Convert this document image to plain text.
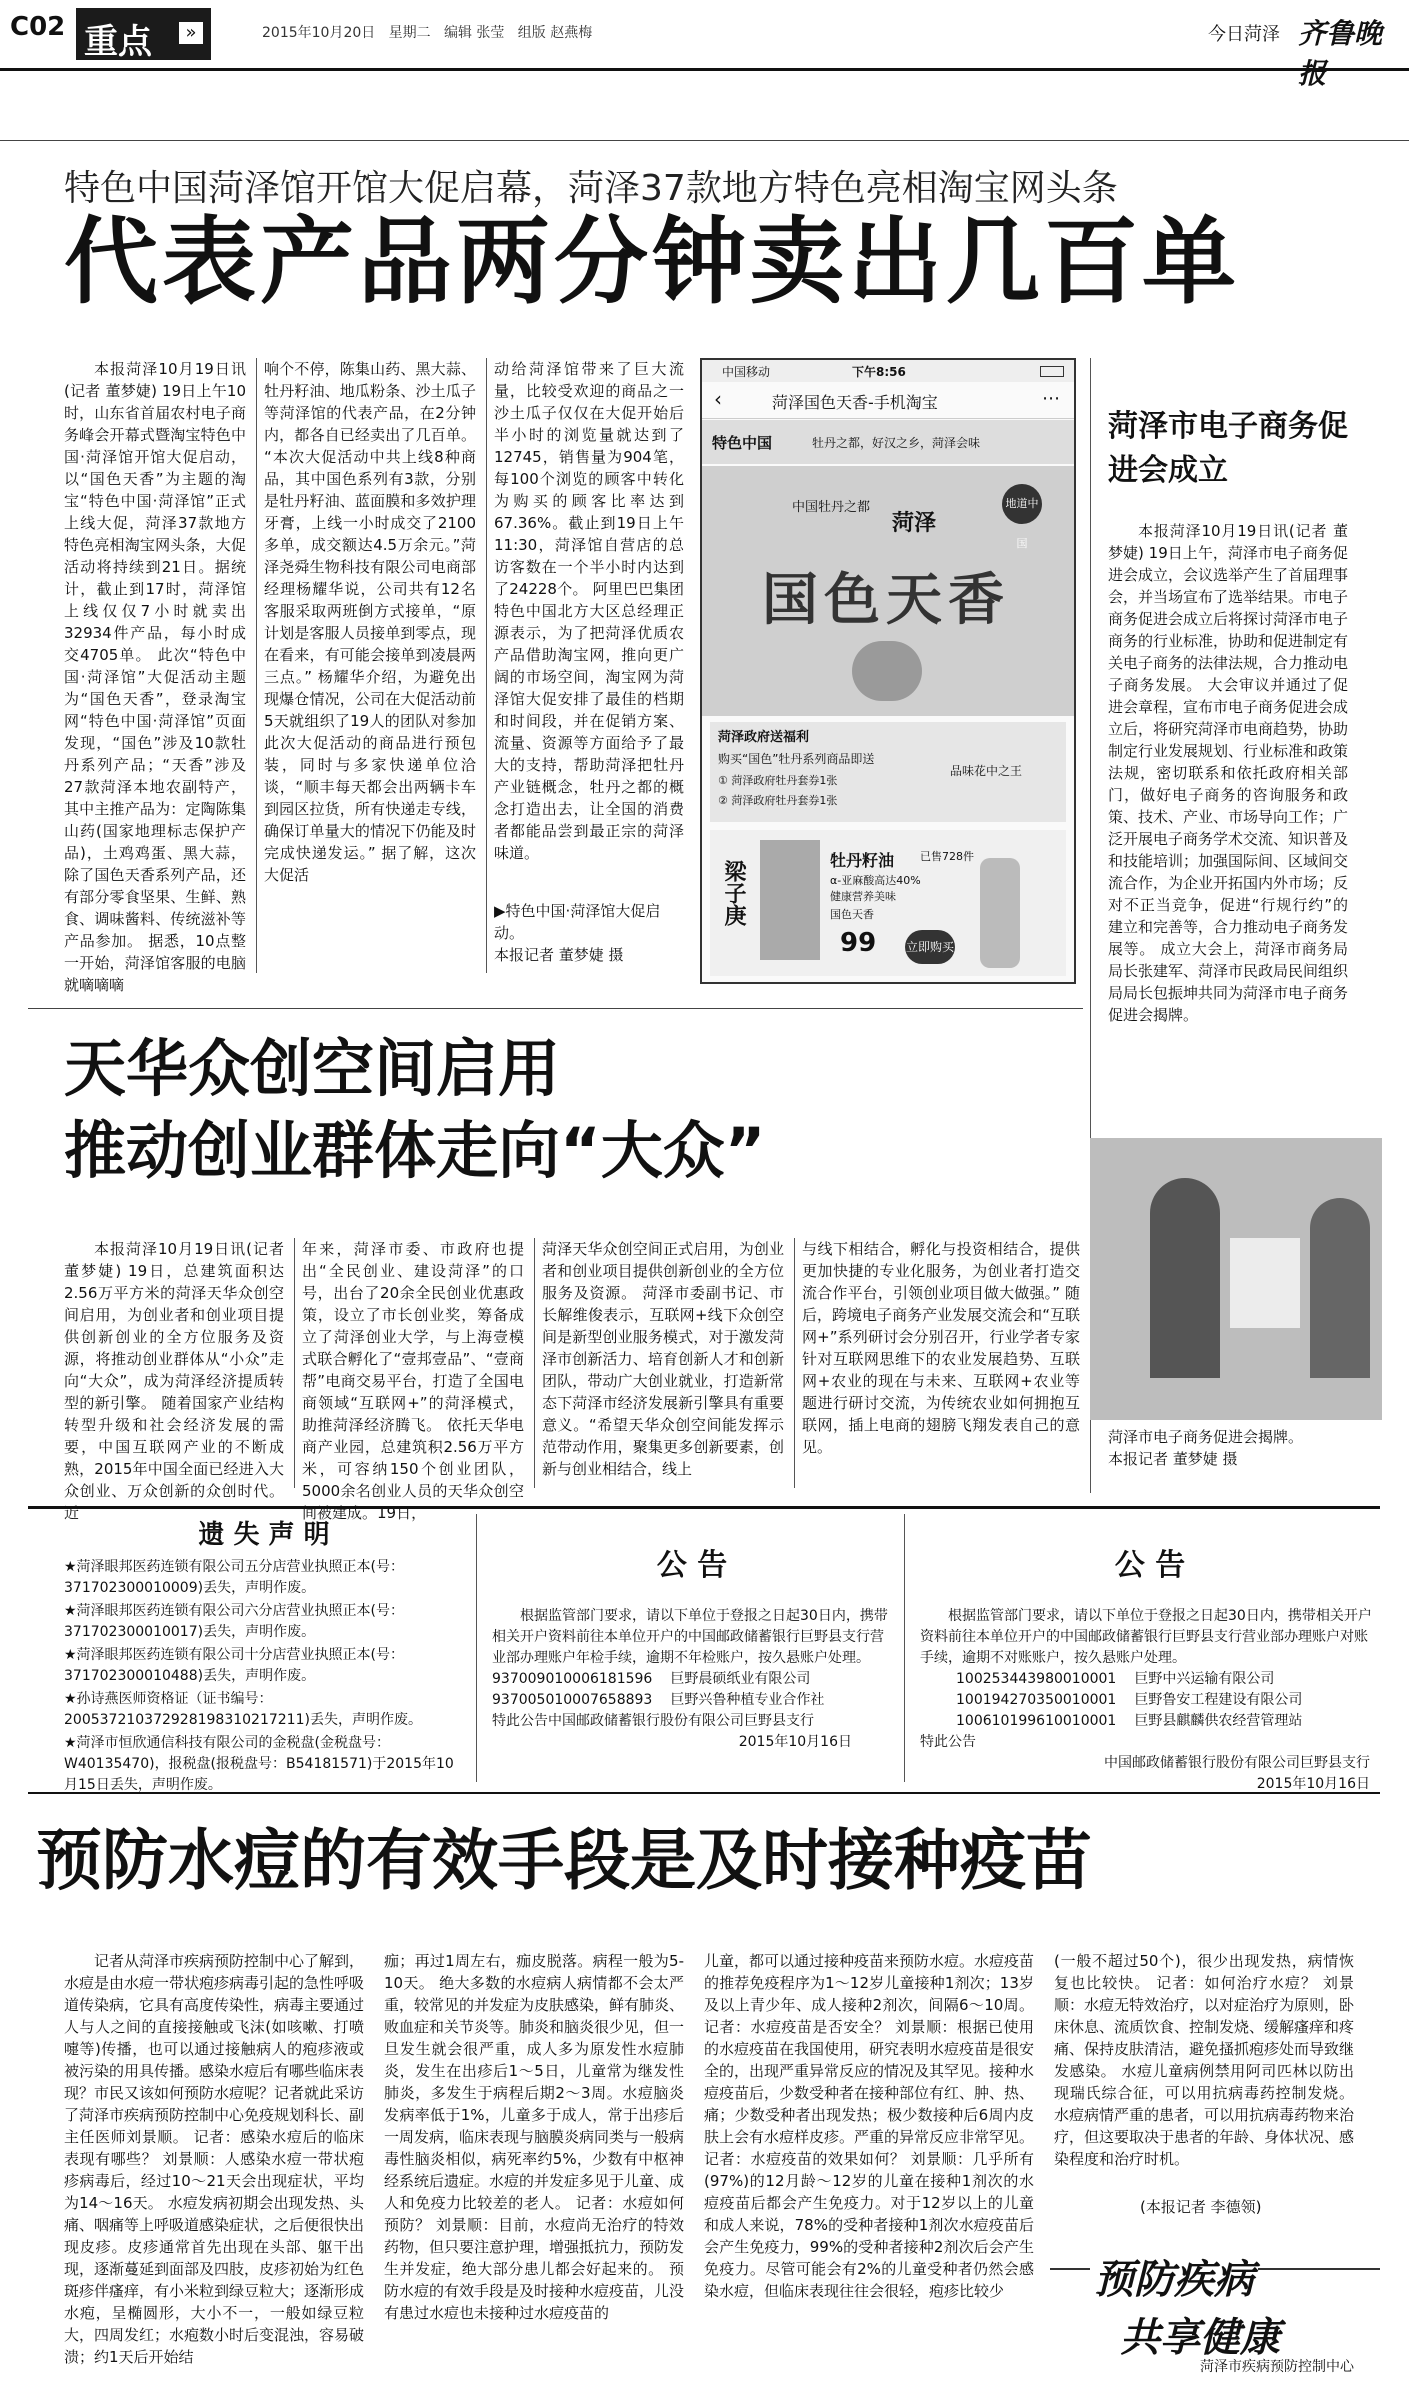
C02 重点	»	2015年10月20日 星期二 编辑 张莹 组版 赵燕梅	今日菏泽 齐鲁晚报
特色中国菏泽馆开馆大促启幕，菏泽37款地方特色亮相淘宝网头条
代表产品两分钟卖出几百单
本报菏泽10月19日讯(记者 董梦婕) 19日上午10时，山东省首届农村电子商务峰会开幕式暨淘宝特色中国·菏泽馆开馆大促启动，以“国色天香”为主题的淘宝“特色中国·菏泽馆”正式上线大促，菏泽37款地方特色亮相淘宝网头条，大促活动将持续到21日。据统计，截止到17时，菏泽馆上线仅仅7小时就卖出32934件产品，每小时成交4705单。 此次“特色中国·菏泽馆”大促活动主题为“国色天香”，登录淘宝网“特色中国·菏泽馆”页面发现，“国色”涉及10款牡丹系列产品；“天香”涉及27款菏泽本地农副特产，其中主推产品为：定陶陈集山药(国家地理标志保护产品)，土鸡鸡蛋、黑大蒜，除了国色天香系列产品，还有部分零食坚果、生鲜、熟食、调味酱料、传统滋补等产品参加。 据悉，10点整一开始，菏泽馆客服的电脑就嘀嘀嘀
响个不停，陈集山药、黑大蒜、牡丹籽油、地瓜粉条、沙土瓜子等菏泽馆的代表产品，在2分钟内，都各自已经卖出了几百单。 “本次大促活动中共上线8种商品，其中国色系列有3款，分别是牡丹籽油、蓝面膜和多效护理牙膏，上线一小时成交了2100多单，成交额达4.5万余元。”菏泽尧舜生物科技有限公司电商部经理杨耀华说，公司共有12名客服采取两班倒方式接单，“原计划是客服人员接单到零点，现在看来，有可能会接单到凌晨两三点。” 杨耀华介绍，为避免出现爆仓情况，公司在大促活动前5天就组织了19人的团队对参加此次大促活动的商品进行预包装，同时与多家快递单位洽谈，“顺丰每天都会出两辆卡车到园区拉货，所有快递走专线，确保订单量大的情况下仍能及时完成快递发运。” 据了解，这次大促活
动给菏泽馆带来了巨大流量，比较受欢迎的商品之一沙土瓜子仅仅在大促开始后半小时的浏览量就达到了12745，销售量为904笔，每100个浏览的顾客中转化为购买的顾客比率达到67.36%。截止到19日上午11:30，菏泽馆自营店的总访客数在一个半小时内达到了24228个。 阿里巴巴集团特色中国北方大区总经理正源表示，为了把菏泽优质农产品借助淘宝网，推向更广阔的市场空间，淘宝网为菏泽馆大促安排了最佳的档期和时间段，并在促销方案、流量、资源等方面给予了最大的支持，帮助菏泽把牡丹产业链概念，牡丹之都的概念打造出去，让全国的消费者都能品尝到最正宗的菏泽味道。
▶特色中国·菏泽馆大促启动。
本报记者 董梦婕 摄
中国移动	下午8:56
‹	菏泽国色天香-手机淘宝	⋯
特色中国	牡丹之都，好汉之乡，菏泽会味
中国牡丹之都
菏泽
地道中国
国色天香
菏泽政府送福利
购买“国色”牡丹系列商品即送
① 菏泽政府牡丹套券1张
② 菏泽政府牡丹套券1张
品味花中之王
梁子庚	牡丹籽油
α-亚麻酸高达40%
健康营养美味
国色天香
已售728件
99 立即购买
菏泽市电子商务促进会成立
本报菏泽10月19日讯(记者 董梦婕) 19日上午，菏泽市电子商务促进会成立，会议选举产生了首届理事会，并当场宣布了选举结果。市电子商务促进会成立后将探讨菏泽市电子商务的行业标准，协助和促进制定有关电子商务的法律法规，合力推动电子商务发展。 大会审议并通过了促进会章程，宣布市电子商务促进会成立后，将研究菏泽市电商趋势，协助制定行业发展规划、行业标准和政策法规，密切联系和依托政府相关部门，做好电子商务的咨询服务和政策、技术、产业、市场导向工作；广泛开展电子商务学术交流、知识普及和技能培训；加强国际间、区域间交流合作，为企业开拓国内外市场；反对不正当竞争，促进“行规行约”的建立和完善等，合力推动电子商务发展等。 成立大会上，菏泽市商务局局长张建军、菏泽市民政局民间组织局局长包振坤共同为菏泽市电子商务促进会揭牌。
菏泽市电子商务促进会揭牌。
本报记者 董梦婕 摄
天华众创空间启用
推动创业群体走向“大众”
本报菏泽10月19日讯(记者 董梦婕) 19日，总建筑面积达2.56万平方米的菏泽天华众创空间启用，为创业者和创业项目提供创新创业的全方位服务及资源，将推动创业群体从“小众”走向“大众”，成为菏泽经济提质转型的新引擎。 随着国家产业结构转型升级和社会经济发展的需要，中国互联网产业的不断成熟，2015年中国全面已经进入大众创业、万众创新的众创时代。近
年来，菏泽市委、市政府也提出“全民创业、建设菏泽”的口号，出台了20余全民创业优惠政策，设立了市长创业奖，筹备成立了菏泽创业大学，与上海壹模式联合孵化了“壹邦壹品”、“壹商帮”电商交易平台，打造了全国电商领域“互联网+”的菏泽模式，助推菏泽经济腾飞。 依托天华电商产业园，总建筑积2.56万平方米，可容纳150个创业团队，5000余名创业人员的天华众创空间被建成。19日，
菏泽天华众创空间正式启用，为创业者和创业项目提供创新创业的全方位服务及资源。 菏泽市委副书记、市长解维俊表示，互联网+线下众创空间是新型创业服务模式，对于激发菏泽市创新活力、培育创新人才和创新团队，带动广大创业就业，打造新常态下菏泽市经济发展新引擎具有重要意义。“希望天华众创空间能发挥示范带动作用，聚集更多创新要素，创新与创业相结合，线上
与线下相结合，孵化与投资相结合，提供更加快捷的专业化服务，为创业者打造交流合作平台，引领创业项目做大做强。” 随后，跨境电子商务产业发展交流会和“互联网+”系列研讨会分别召开，行业学者专家针对互联网思维下的农业发展趋势、互联网+农业的现在与未来、互联网+农业等题进行研讨交流，为传统农业如何拥抱互联网，插上电商的翅膀飞翔发表自己的意见。
遗 失 声 明

★菏泽眼邦医药连锁有限公司五分店营业执照正本(号：371702300010009)丢失，声明作废。

★菏泽眼邦医药连锁有限公司六分店营业执照正本(号：371702300010017)丢失，声明作废。

★菏泽眼邦医药连锁有限公司十分店营业执照正本(号：371702300010488)丢失，声明作废。

★孙诗燕医师资格证（证书编号：200537210372928198310217211)丢失，声明作废。

★菏泽市恒欣通信科技有限公司的金税盘(金税盘号：W40135470)，报税盘(报税盘号：B54181571)于2015年10月15日丢失，声明作废。

公 告

根据监管部门要求，请以下单位于登报之日起30日内，携带相关开户资料前往本单位开户的中国邮政储蓄银行巨野县支行营业部办理账户年检手续，逾期不年检账户，按久悬账户处理。

937009010006181596 巨野晨硕纸业有限公司
937005010007658893 巨野兴鲁种植专业合作社
特此公告中国邮政储蓄银行股份有限公司巨野县支行
2015年10月16日
公 告

根据监管部门要求，请以下单位于登报之日起30日内，携带相关开户资料前往本单位开户的中国邮政储蓄银行巨野县支行营业部办理账户对账手续，逾期不对账账户，按久悬账户处理。

100253443980010001 巨野中兴运输有限公司
100194270350010001 巨野鲁安工程建设有限公司
100610199610010001 巨野县麒麟供农经营管理站
特此公告
中国邮政储蓄银行股份有限公司巨野县支行
2015年10月16日
预防水痘的有效手段是及时接种疫苗
记者从菏泽市疾病预防控制中心了解到，水痘是由水痘一带状疱疹病毒引起的急性呼吸道传染病，它具有高度传染性，病毒主要通过人与人之间的直接接触或飞沫(如咳嗽、打喷嚏等)传播，也可以通过接触病人的疱疹液或被污染的用具传播。感染水痘后有哪些临床表现？市民又该如何预防水痘呢？记者就此采访了菏泽市疾病预防控制中心免疫规划科长、副主任医师刘景顺。 记者：感染水痘后的临床表现有哪些？ 刘景顺：人感染水痘一带状疱疹病毒后，经过10～21天会出现症状，平均为14～16天。 水痘发病初期会出现发热、头痛、咽痛等上呼吸道感染症状，之后便很快出现皮疹。皮疹通常首先出现在头部、躯干出现，逐渐蔓延到面部及四肢，皮疹初始为红色斑疹伴瘙痒，有小米粒到绿豆粒大；逐渐形成水疱，呈椭圆形，大小不一，一般如绿豆粒大，四周发红；水疱数小时后变混浊，容易破溃；约1天后开始结
痂；再过1周左右，痂皮脱落。病程一般为5-10天。 绝大多数的水痘病人病情都不会太严重，较常见的并发症为皮肤感染，鲜有肺炎、败血症和关节炎等。肺炎和脑炎很少见，但一旦发生就会很严重，成人多为原发性水痘肺炎，发生在出疹后1～5日，儿童常为继发性肺炎，多发生于病程后期2～3周。水痘脑炎发病率低于1%，儿童多于成人，常于出疹后一周发病，临床表现与脑膜炎病同类与一般病毒性脑炎相似，病死率约5%，少数有中枢神经系统后遗症。水痘的并发症多见于儿童、成人和免疫力比较差的老人。 记者：水痘如何预防？ 刘景顺：目前，水痘尚无治疗的特效药物，但只要注意护理，增强抵抗力，预防发生并发症，绝大部分患儿都会好起来的。 预防水痘的有效手段是及时接种水痘疫苗，儿没有患过水痘也未接种过水痘疫苗的
儿童，都可以通过接种疫苗来预防水痘。水痘疫苗的推荐免疫程序为1～12岁儿童接种1剂次；13岁及以上青少年、成人接种2剂次，间隔6～10周。 记者：水痘疫苗是否安全？ 刘景顺：根据已使用的水痘疫苗在我国使用，研究表明水痘疫苗是很安全的，出现严重异常反应的情况及其罕见。接种水痘疫苗后，少数受种者在接种部位有红、肿、热、痛；少数受种者出现发热；极少数接种后6周内皮肤上会有水痘样皮疹。严重的异常反应非常罕见。 记者：水痘疫苗的效果如何？ 刘景顺：几乎所有(97%)的12月龄～12岁的儿童在接种1剂次的水痘疫苗后都会产生免疫力。对于12岁以上的儿童和成人来说，78%的受种者接种1剂次水痘疫苗后会产生免疫力，99%的受种者接种2剂次后会产生免疫力。尽管可能会有2%的儿童受种者仍然会感染水痘，但临床表现往往会很轻，疱疹比较少
(一般不超过50个)，很少出现发热，病情恢复也比较快。 记者：如何治疗水痘？ 刘景顺：水痘无特效治疗，以对症治疗为原则，卧床休息、流质饮食、控制发烧、缓解瘙痒和疼痛、保持皮肤清洁，避免搔抓疱疹处而导致继发感染。 水痘儿童病例禁用阿司匹林以防出现瑞氏综合征，可以用抗病毒药控制发烧。 水痘病情严重的患者，可以用抗病毒药物来治疗，但这要取决于患者的年龄、身体状况、感染程度和治疗时机。
(本报记者 李德领)
预防疾病
共享健康
菏泽市疾病预防控制中心
